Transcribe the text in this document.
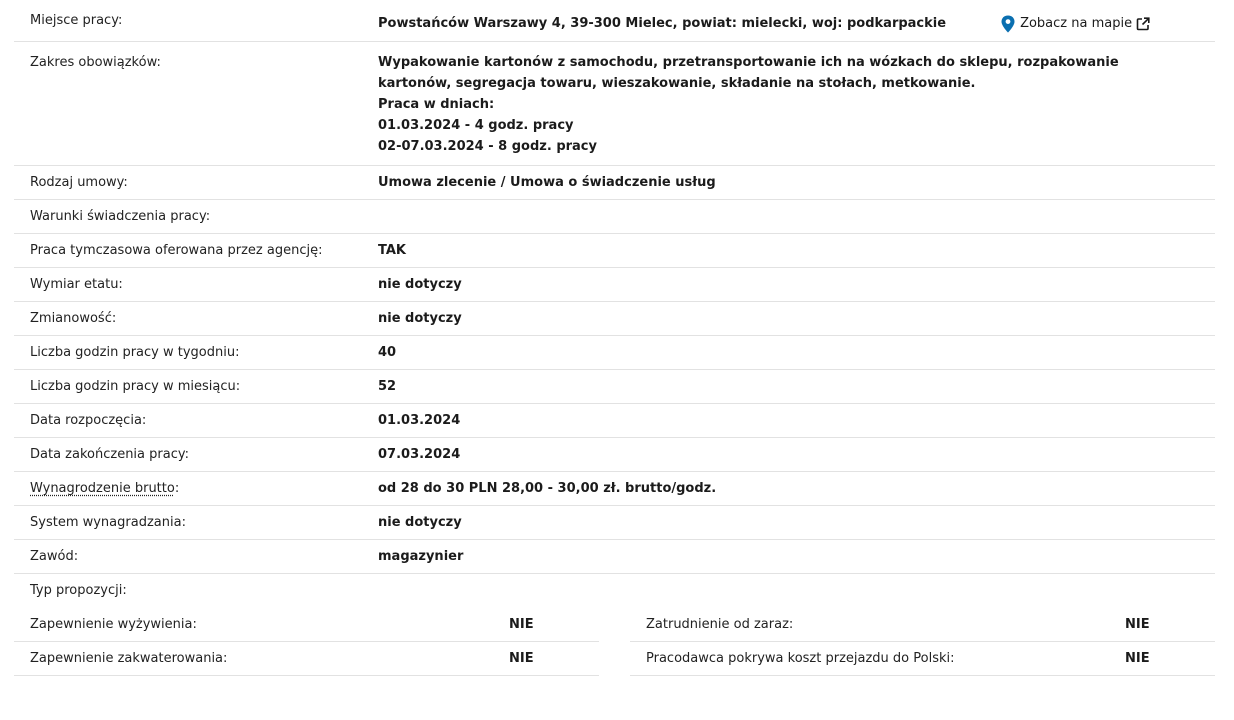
Miejsce pracy:	Powstańców Warszawy 4, 39-300 Mielec, powiat: mielecki, woj: podkarpackie	Zobacz na mapie
Zakres obowiązków:	Wypakowanie kartonów z samochodu, przetransportowanie ich na wózkach do sklepu, rozpakowanie kartonów, segregacja towaru, wieszakowanie, składanie na stołach, metkowanie.
Praca w dniach:
01.03.2024 - 4 godz. pracy
02-07.03.2024 - 8 godz. pracy
Rodzaj umowy:	Umowa zlecenie / Umowa o świadczenie usług
Warunki świadczenia pracy:
Praca tymczasowa oferowana przez agencję:	TAK
Wymiar etatu:	nie dotyczy
Zmianowość:	nie dotyczy
Liczba godzin pracy w tygodniu:	40
Liczba godzin pracy w miesiącu:	52
Data rozpoczęcia:	01.03.2024
Data zakończenia pracy:	07.03.2024
Wynagrodzenie brutto:	od 28 do 30 PLN 28,00 - 30,00 zł. brutto/godz.
System wynagradzania:	nie dotyczy
Zawód:	magazynier
Typ propozycji:
Zapewnienie wyżywienia:	NIE
Zapewnienie zakwaterowania:	NIE
Zatrudnienie od zaraz:	NIE
Pracodawca pokrywa koszt przejazdu do Polski:	NIE
